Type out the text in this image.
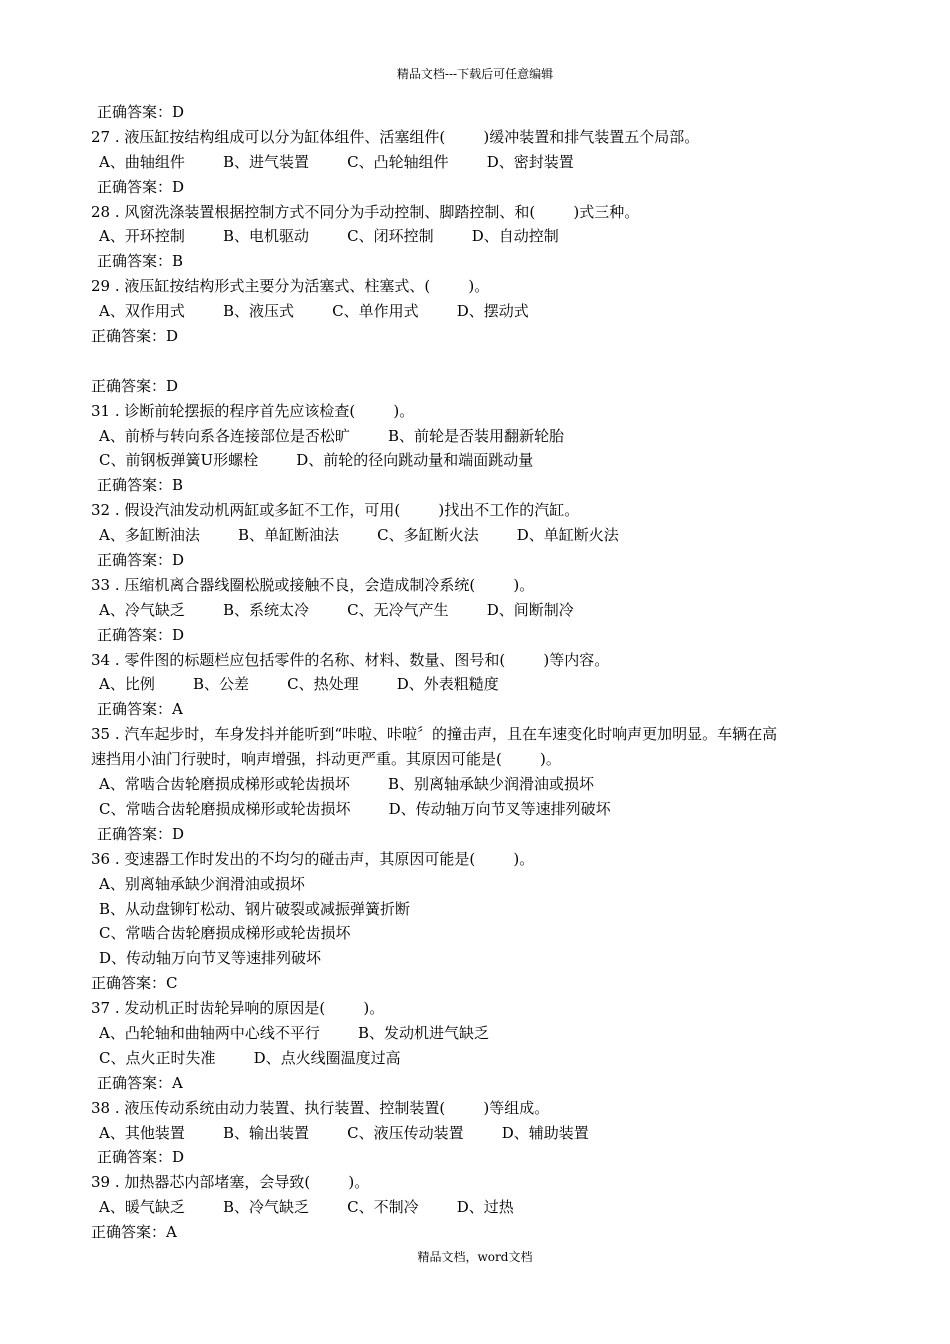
精品文档---下载后可任意编辑
正确答案：D
27 . 液压缸按结构组成可以分为缸体组件、活塞组件(        )缓冲装置和排气装置五个局部。
A、曲轴组件        B、进气装置        C、凸轮轴组件        D、密封装置
正确答案：D
28 . 风窗洗涤装置根据控制方式不同分为手动控制、脚踏控制、和(        )式三种。
A、开环控制        B、电机驱动        C、闭环控制        D、自动控制
正确答案：B
29 . 液压缸按结构形式主要分为活塞式、柱塞式、(        )。
A、双作用式        B、液压式        C、单作用式        D、摆动式
正确答案：D
正确答案：D
31 . 诊断前轮摆振的程序首先应该检查(        )。
A、前桥与转向系各连接部位是否松旷        B、前轮是否装用翻新轮胎
C、前钢板弹簧U形螺栓        D、前轮的径向跳动量和端面跳动量
正确答案：B
32 . 假设汽油发动机两缸或多缸不工作，可用(        )找出不工作的汽缸。
A、多缸断油法        B、单缸断油法        C、多缸断火法        D、单缸断火法
正确答案：D
33 . 压缩机离合器线圈松脱或接触不良，会造成制冷系统(        )。
A、冷气缺乏        B、系统太冷        C、无冷气产生        D、间断制冷
正确答案：D
34 . 零件图的标题栏应包括零件的名称、材料、数量、图号和(        )等内容。
A、比例        B、公差        C、热处理        D、外表粗糙度
正确答案：A
35 . 汽车起步时，车身发抖并能听到“咔啦、咔啦〞的撞击声，且在车速变化时响声更加明显。车辆在高
速挡用小油门行驶时，响声增强，抖动更严重。其原因可能是(        )。
A、常啮合齿轮磨损成梯形或轮齿损坏        B、别离轴承缺少润滑油或损坏
C、常啮合齿轮磨损成梯形或轮齿损坏        D、传动轴万向节叉等速排列破坏
正确答案：D
36 . 变速器工作时发出的不均匀的碰击声，其原因可能是(        )。
A、别离轴承缺少润滑油或损坏
B、从动盘铆钉松动、钢片破裂或减振弹簧折断
C、常啮合齿轮磨损成梯形或轮齿损坏
D、传动轴万向节叉等速排列破坏
正确答案：C
37 . 发动机正时齿轮异响的原因是(        )。
A、凸轮轴和曲轴两中心线不平行        B、发动机进气缺乏
C、点火正时失准        D、点火线圈温度过高
正确答案：A
38 . 液压传动系统由动力装置、执行装置、控制装置(        )等组成。
A、其他装置        B、输出装置        C、液压传动装置        D、辅助装置
正确答案：D
39 . 加热器芯内部堵塞，会导致(        )。
A、暖气缺乏        B、冷气缺乏        C、不制冷        D、过热
正确答案：A
精品文档，word文档
